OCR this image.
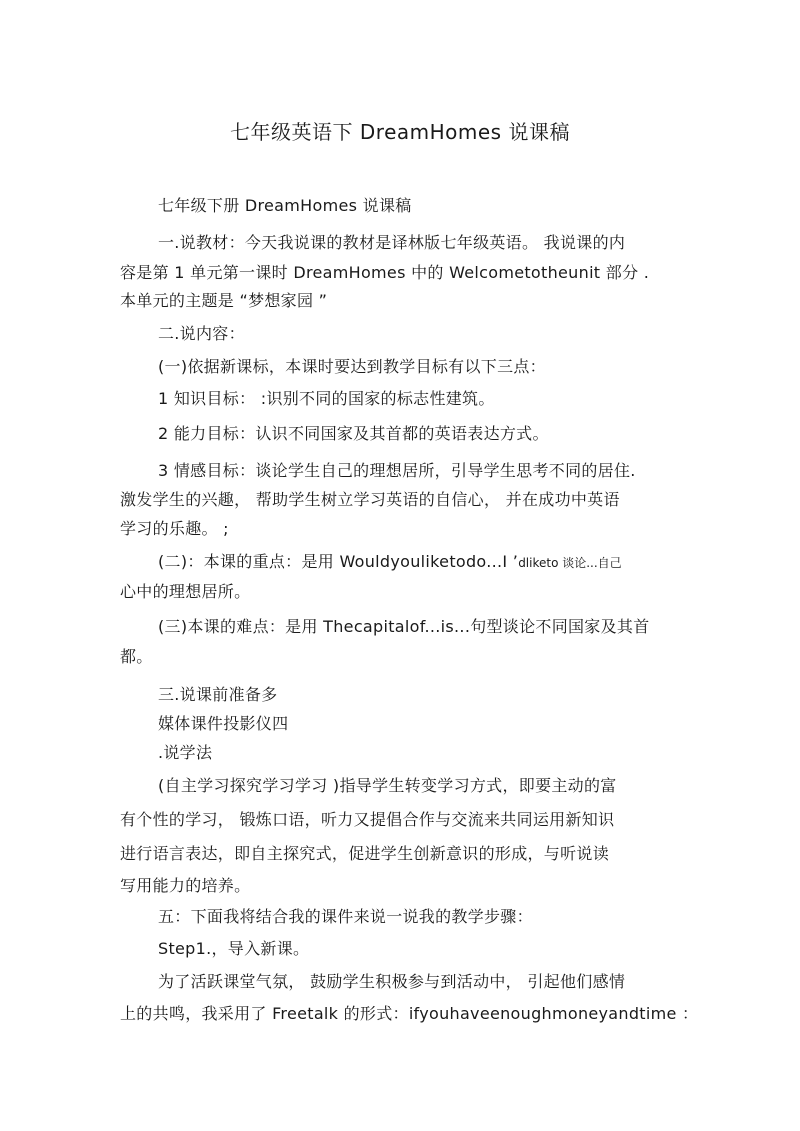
七年级英语下 DreamHomes 说课稿
七年级下册 DreamHomes 说课稿
一.说教材：今天我说课的教材是译林版七年级英语。 我说课的内
容是第 1 单元第一课时 DreamHomes 中的 Welcometotheunit 部分 .
本单元的主题是 “梦想家园 ”
二.说内容：
(一)依据新课标，本课时要达到教学目标有以下三点：
1 知识目标： :识别不同的国家的标志性建筑。
2 能力目标：认识不同国家及其首都的英语表达方式。
3 情感目标：谈论学生自己的理想居所，引导学生思考不同的居住.
激发学生的兴趣， 帮助学生树立学习英语的自信心， 并在成功中英语
学习的乐趣。 ;
(二)：本课的重点：是用 Wouldyouliketodo...I ’dliketo 谈论...自己
心中的理想居所。
(三)本课的难点：是用 Thecapitalof...is...句型谈论不同国家及其首
都。
三.说课前准备多
媒体课件投影仪四
.说学法
(自主学习探究学习学习 )指导学生转变学习方式，即要主动的富
有个性的学习， 锻炼口语，听力又提倡合作与交流来共同运用新知识
进行语言表达，即自主探究式，促进学生创新意识的形成，与听说读
写用能力的培养。
五：下面我将结合我的课件来说一说我的教学步骤：
Step1.，导入新课。
为了活跃课堂气氛， 鼓励学生积极参与到活动中， 引起他们感情
上的共鸣，我采用了 Freetalk 的形式：ifyouhaveenoughmoneyandtime ：
